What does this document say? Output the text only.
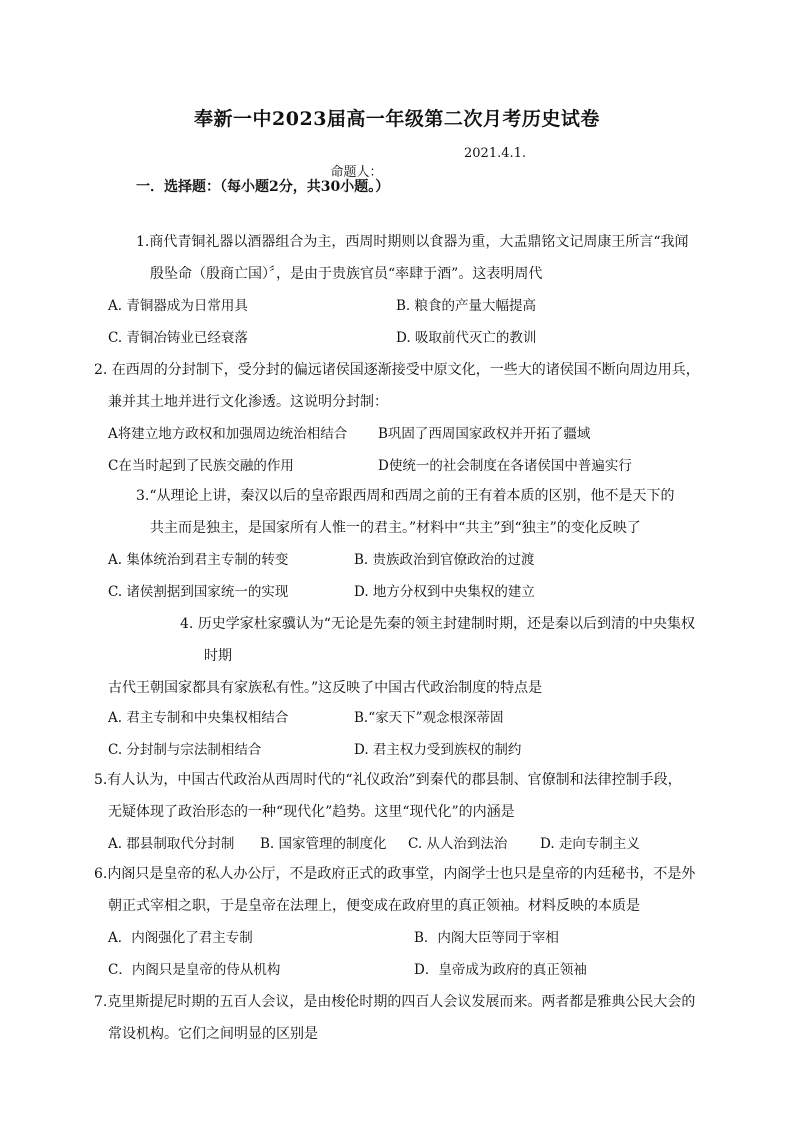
奉新一中2023届高一年级第二次月考历史试卷

命题人：

2021.4.1.

一．选择题：（每小题2分，共30小题。）
1.商代青铜礼器以酒器组合为主，西周时期则以食器为重，大盂鼎铭文记周康王所言“我闻
殷坠命（殷商亡国）〞，是由于贵族官员“率肆于酒”。这表明周代
A. 青铜器成为日常用具	B. 粮食的产量大幅提高
C. 青铜冶铸业已经衰落	D. 吸取前代灭亡的教训
2. 在西周的分封制下，受分封的偏远诸侯国逐渐接受中原文化，一些大的诸侯国不断向周边用兵，
兼并其土地并进行文化渗透。这说明分封制：
A将建立地方政权和加强周边统治相结合 B巩固了西周国家政权并开拓了疆域
C在当时起到了民族交融的作用	D使统一的社会制度在各诸侯国中普遍实行
3.“从理论上讲，秦汉以后的皇帝跟西周和西周之前的王有着本质的区别，他不是天下的
共主而是独主，是国家所有人惟一的君主。”材料中“共主”到“独主”的变化反映了
A. 集体统治到君主专制的转变	B. 贵族政治到官僚政治的过渡
C. 诸侯割据到国家统一的实现	D. 地方分权到中央集权的建立
4. 历史学家杜家骥认为“无论是先秦的领主封建制时期，还是秦以后到清的中央集权
时期
古代王朝国家都具有家族私有性。”这反映了中国古代政治制度的特点是
A. 君主专制和中央集权相结合	B.“家天下”观念根深蒂固
C. 分封制与宗法制相结合	D. 君主权力受到族权的制约
5.有人认为，中国古代政治从西周时代的“礼仪政治”到秦代的郡县制、官僚制和法律控制手段，
无疑体现了政治形态的一种“现代化”趋势。这里“现代化”的内涵是
A. 郡县制取代分封制 B. 国家管理的制度化 C. 从人治到法治 D. 走向专制主义
6.内阁只是皇帝的私人办公厅，不是政府正式的政事堂，内阁学士也只是皇帝的内廷秘书，不是外
朝正式宰相之职，于是皇帝在法理上，便变成在政府里的真正领袖。材料反映的本质是
A．内阁强化了君主专制	B．内阁大臣等同于宰相
C．内阁只是皇帝的侍从机构	D．皇帝成为政府的真正领袖
7.克里斯提尼时期的五百人会议，是由梭伦时期的四百人会议发展而来。两者都是雅典公民大会的
常设机构。它们之间明显的区别是
